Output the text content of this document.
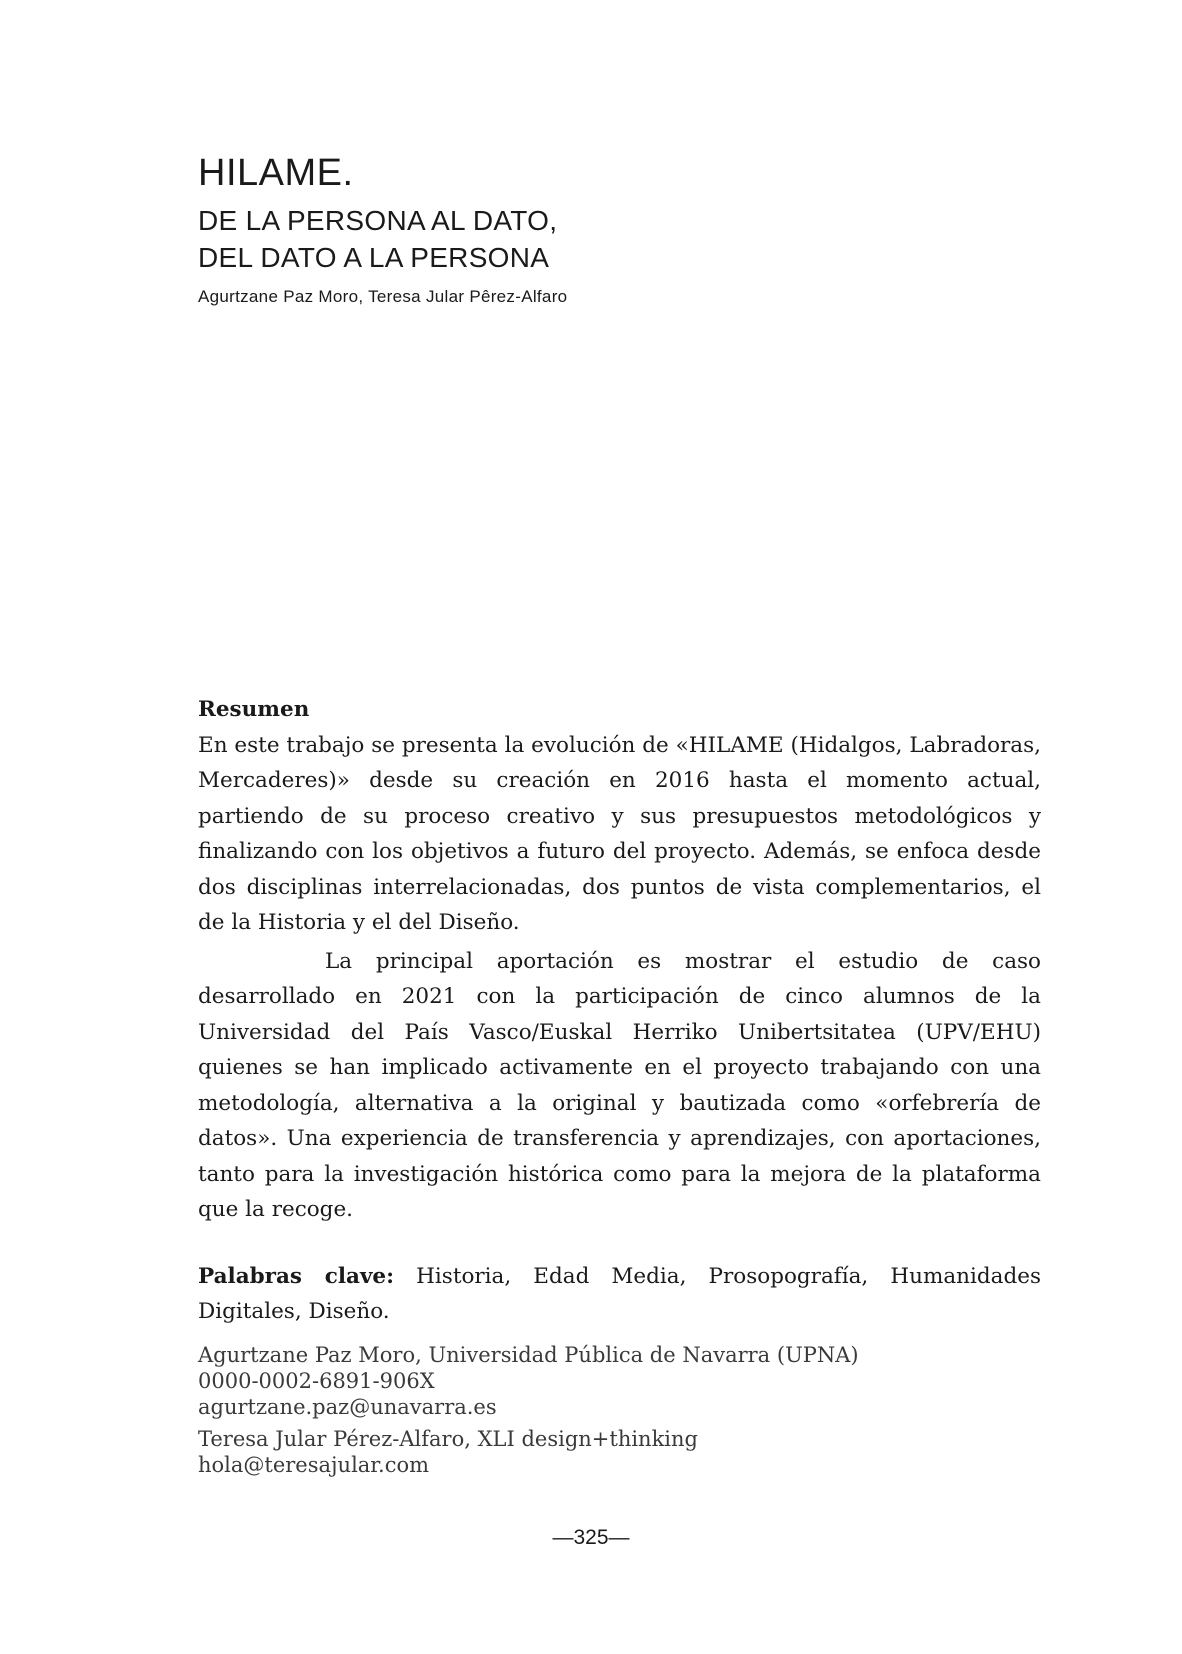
HILAME.
DE LA PERSONA AL DATO,
DEL DATO A LA PERSONA

Agurtzane Paz Moro, Teresa Jular Pêrez-Alfaro

Resumen

En este trabajo se presenta la evolución de «HILAME (Hidalgos, Labradoras, Mercaderes)» desde su creación en 2016 hasta el momento actual, partiendo de su proceso creativo y sus presupuestos metodológicos y finalizando con los objetivos a futuro del proyecto. Además, se enfoca desde dos disciplinas interrelacionadas, dos puntos de vista complementarios, el de la Historia y el del Diseño.

La principal aportación es mostrar el estudio de caso desarrollado en 2021 con la participación de cinco alumnos de la Universidad del País Vasco/Euskal Herriko Unibertsitatea (UPV/EHU) quienes se han implicado activamente en el proyecto trabajando con una metodología, alternativa a la original y bautizada como «orfebrería de datos». Una experiencia de transferencia y aprendizajes, con aportaciones, tanto para la investigación histórica como para la mejora de la plataforma que la recoge.

Palabras clave: Historia, Edad Media, Prosopografía, Humanidades Digitales, Diseño.

Agurtzane Paz Moro, Universidad Pública de Navarra (UPNA)
0000-0002-6891-906X
agurtzane.paz@unavarra.es

Teresa Jular Pérez-Alfaro, XLI design+thinking
hola@teresajular.com

—325—
